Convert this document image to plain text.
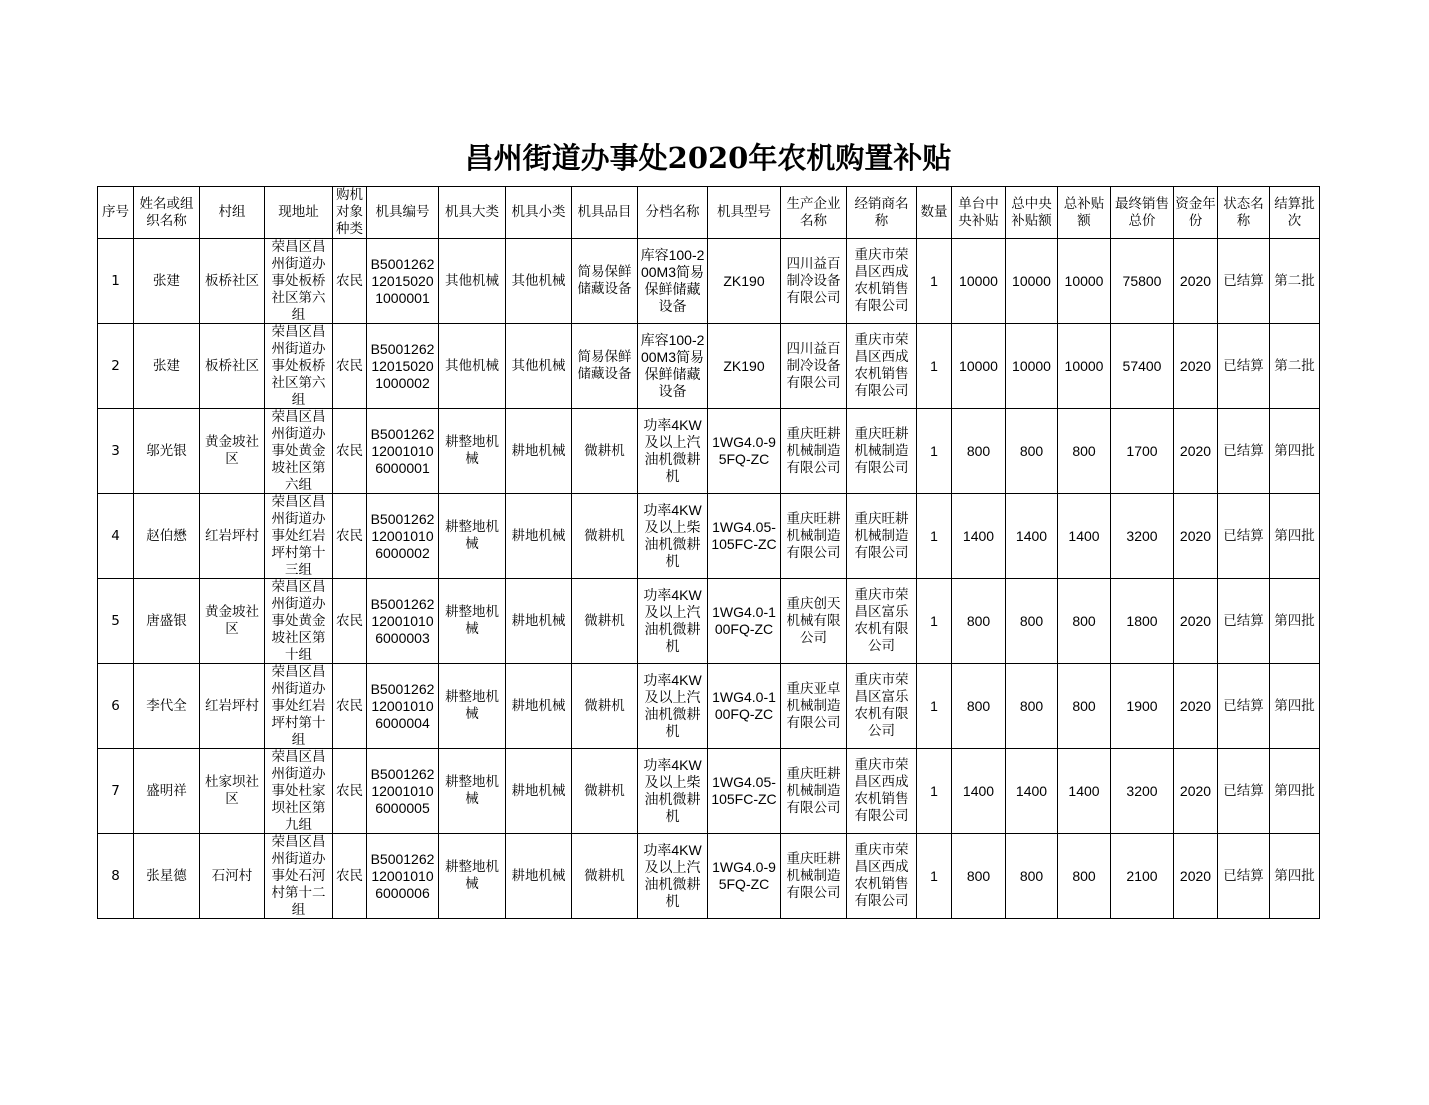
昌州街道办事处2020年农机购置补贴
序号	姓名或组织名称	村组	现地址	购机对象种类	机具编号	机具大类	机具小类	机具品目	分档名称	机具型号	生产企业名称	经销商名称	数量	单台中央补贴	总中央补贴额	总补贴额	最终销售总价	资金年份	状态名称	结算批次

1	张建	板桥社区	荣昌区昌州街道办事处板桥社区第六组	农民	B5001262120150201000001	其他机械	其他机械	简易保鲜储藏设备	库容100-200M3简易保鲜储藏设备	ZK190	四川益百制冷设备有限公司	重庆市荣昌区西成农机销售有限公司	1	10000	10000	10000	75800	2020	已结算	第二批

2	张建	板桥社区	荣昌区昌州街道办事处板桥社区第六组	农民	B5001262120150201000002	其他机械	其他机械	简易保鲜储藏设备	库容100-200M3简易保鲜储藏设备	ZK190	四川益百制冷设备有限公司	重庆市荣昌区西成农机销售有限公司	1	10000	10000	10000	57400	2020	已结算	第二批

3	邬光银	黄金坡社区	荣昌区昌州街道办事处黄金坡社区第六组	农民	B5001262120010106000001	耕整地机械	耕地机械	微耕机	功率4KW及以上汽油机微耕机	1WG4.0-95FQ-ZC	重庆旺耕机械制造有限公司	重庆旺耕机械制造有限公司	1	800	800	800	1700	2020	已结算	第四批

4	赵伯懋	红岩坪村	荣昌区昌州街道办事处红岩坪村第十三组	农民	B5001262120010106000002	耕整地机械	耕地机械	微耕机	功率4KW及以上柴油机微耕机	1WG4.05-105FC-ZC	重庆旺耕机械制造有限公司	重庆旺耕机械制造有限公司	1	1400	1400	1400	3200	2020	已结算	第四批

5	唐盛银	黄金坡社区	荣昌区昌州街道办事处黄金坡社区第十组	农民	B5001262120010106000003	耕整地机械	耕地机械	微耕机	功率4KW及以上汽油机微耕机	1WG4.0-100FQ-ZC	重庆创天机械有限公司	重庆市荣昌区富乐农机有限公司	1	800	800	800	1800	2020	已结算	第四批

6	李代全	红岩坪村	荣昌区昌州街道办事处红岩坪村第十组	农民	B5001262120010106000004	耕整地机械	耕地机械	微耕机	功率4KW及以上汽油机微耕机	1WG4.0-100FQ-ZC	重庆亚卓机械制造有限公司	重庆市荣昌区富乐农机有限公司	1	800	800	800	1900	2020	已结算	第四批

7	盛明祥	杜家坝社区	荣昌区昌州街道办事处杜家坝社区第九组	农民	B5001262120010106000005	耕整地机械	耕地机械	微耕机	功率4KW及以上柴油机微耕机	1WG4.05-105FC-ZC	重庆旺耕机械制造有限公司	重庆市荣昌区西成农机销售有限公司	1	1400	1400	1400	3200	2020	已结算	第四批

8	张星德	石河村	荣昌区昌州街道办事处石河村第十二组	农民	B5001262120010106000006	耕整地机械	耕地机械	微耕机	功率4KW及以上汽油机微耕机	1WG4.0-95FQ-ZC	重庆旺耕机械制造有限公司	重庆市荣昌区西成农机销售有限公司	1	800	800	800	2100	2020	已结算	第四批
